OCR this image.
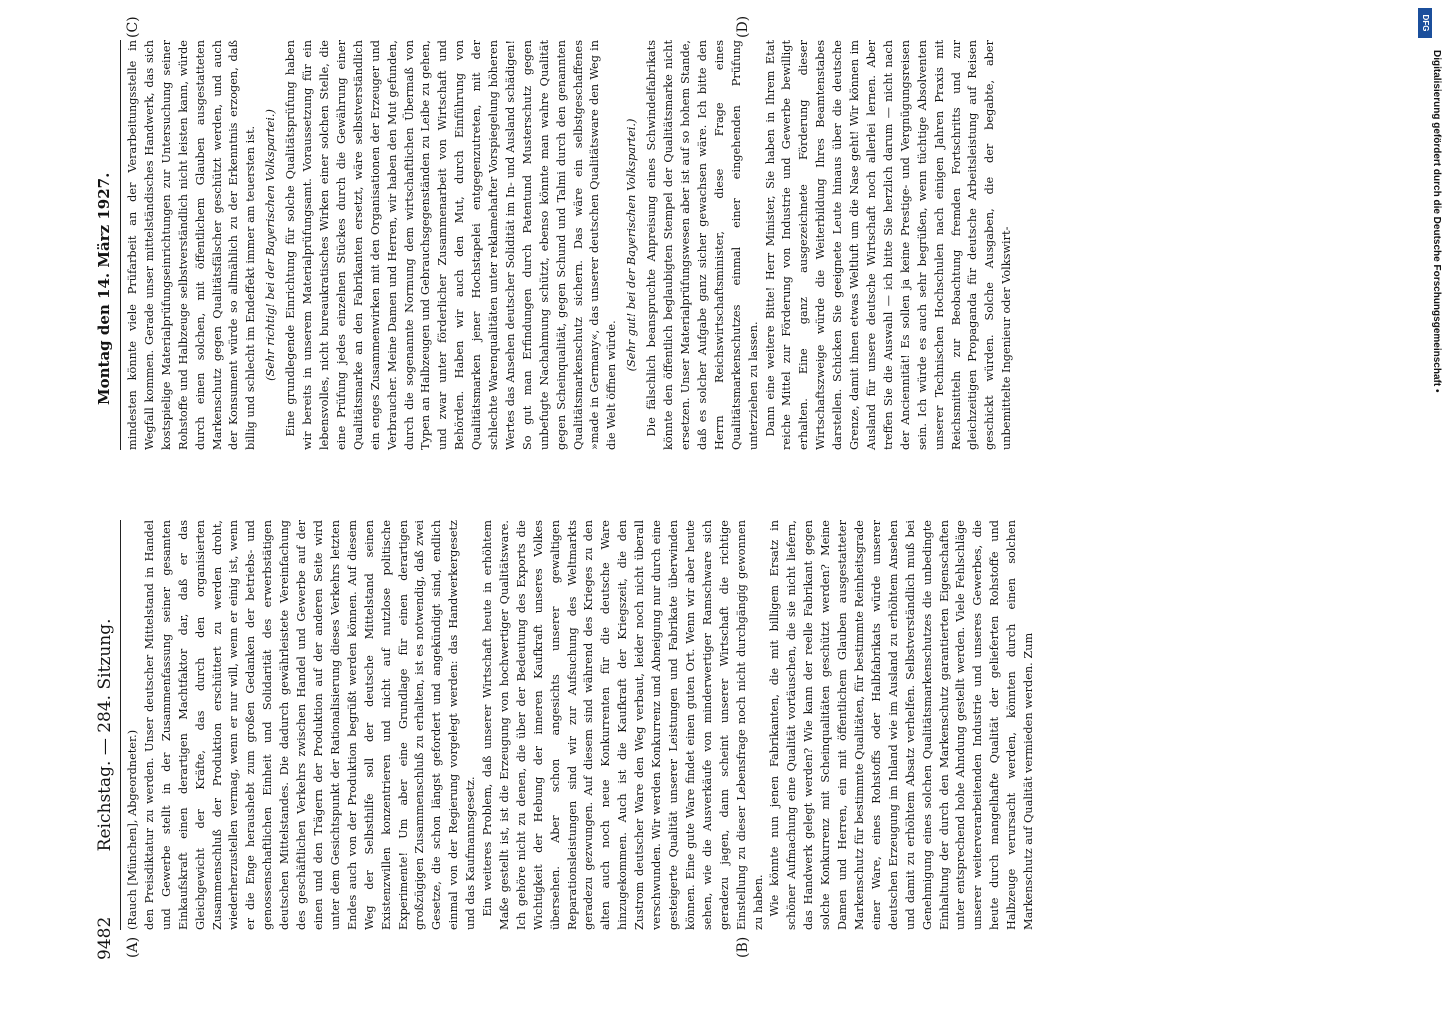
9482 Reichstag. — 284. Sitzung.
Montag den 14. März 1927.
(A)	(B)
(C)	(D)

(Rauch [München], Abgeordneter.) den Preisdiktatur zu werden. Unser deutscher Mittelstand in Handel und Gewerbe stellt in der Zusammenfassung seiner gesamten Einkaufskraft einen derartigen Machtfaktor dar, daß er das Gleichgewicht der Kräfte, das durch den organisierten Zusammenschluß der Produktion erschüttert zu werden droht, wiederherzustellen vermag, wenn er nur will, wenn er einig ist, wenn er die Enge heraushebt zum großen Gedanken der betriebs- und genossenschaftlichen Einheit und Solidarität des erwerbstätigen deutschen Mittelstandes. Die dadurch gewährleistete Vereinfachung des geschäftlichen Verkehrs zwischen Handel und Gewerbe auf der einen und den Trägern der Produktion auf der anderen Seite wird unter dem Gesichtspunkt der Rationalisierung dieses Verkehrs letzten Endes auch von der Produktion begrüßt werden können. Auf diesem Weg der Selbsthilfe soll der deutsche Mittelstand seinen Existenzwillen konzentrieren und nicht auf nutzlose politische Experimente! Um aber eine Grundlage für einen derartigen großzügigen Zusammenschluß zu erhalten, ist es notwendig, daß zwei Gesetze, die schon längst gefordert und angekündigt sind, endlich einmal von der Regierung vorgelegt werden: das Handwerkergesetz und das Kaufmannsgesetz. Ein weiteres Problem, daß unserer Wirtschaft heute in erhöhtem Maße gestellt ist, ist die Erzeugung von hochwertiger Qualitätsware. Ich gehöre nicht zu denen, die über der Bedeutung des Exports die Wichtigkeit der Hebung der inneren Kaufkraft unseres Volkes übersehen. Aber schon angesichts unserer gewaltigen Reparationsleistungen sind wir zur Aufsuchung des Weltmarkts geradezu gezwungen. Auf diesem sind während des Krieges zu den alten auch noch neue Konkurrenten für die deutsche Ware hinzugekommen. Auch ist die Kaufkraft der Kriegszeit, die den Zustrom deutscher Ware den Weg verbaut, leider noch nicht überall verschwunden. Wir werden Konkurrenz und Abneigung nur durch eine gesteigerte Qualität unserer Leistungen und Fabrikate überwinden können. Eine gute Ware findet einen guten Ort. Wenn wir aber heute sehen, wie die Ausverkäufe von minderwertiger Ramschware sich geradezu jagen, dann scheint unserer Wirtschaft die richtige Einstellung zu dieser Lebensfrage noch nicht durchgängig gewonnen zu haben. Wie könnte nun jenen Fabrikanten, die mit billigem Ersatz in schöner Aufmachung eine Qualität vortäuschen, die sie nicht liefern, das Handwerk gelegt werden? Wie kann der reelle Fabrikant gegen solche Konkurrenz mit Scheinqualitäten geschützt werden? Meine Damen und Herren, ein mit öffentlichem Glauben ausgestatteter Markenschutz für bestimmte Qualitäten, für bestimmte Reinheitsgrade einer Ware, eines Rohstoffs oder Halbfabrikats würde unserer deutschen Erzeugung im Inland wie im Ausland zu erhöhtem Ansehen und damit zu erhöhtem Absatz verhelfen. Selbstverständlich muß bei Genehmigung eines solchen Qualitätsmarkenschutzes die unbedingte Einhaltung der durch den Markenschutz garantierten Eigenschaften unter entsprechend hohe Ahndung gestellt werden. Viele Fehlschläge unserer weiterverarbeitenden Industrie und unseres Gewerbes, die heute durch mangelhafte Qualität der gelieferten Rohstoffe und Halbzeuge verursacht werden, könnten durch einen solchen Markenschutz auf Qualität vermieden werden. Zum

mindesten könnte viele Prüfarbeit an der Verarbeitungsstelle in Wegfall kommen. Gerade unser mittelständisches Handwerk, das sich kostspielige Materialprüfungseinrichtungen zur Untersuchung seiner Rohstoffe und Halbzeuge selbstverständlich nicht leisten kann, würde durch einen solchen, mit öffentlichem Glauben ausgestatteten Markenschutz gegen Qualitätsfälscher geschützt werden, und auch der Konsument würde so allmählich zu der Erkenntnis erzogen, daß billig und schlecht im Endeffekt immer am teuersten ist. (Sehr richtig! bei der Bayerischen Volkspartei.) Eine grundlegende Einrichtung für solche Qualitätsprüfung haben wir bereits in unserem Materialprüfungsamt. Voraussetzung für ein lebensvolles, nicht bureaukratisches Wirken einer solchen Stelle, die eine Prüfung jedes einzelnen Stückes durch die Gewährung einer Qualitätsmarke an den Fabrikanten ersetzt, wäre selbstverständlich ein enges Zusammenwirken mit den Organisationen der Erzeuger und Verbraucher. Meine Damen und Herren, wir haben den Mut gefunden, durch die sogenannte Normung dem wirtschaftlichen Übermaß von Typen an Halbzeugen und Gebrauchsgegenständen zu Leibe zu gehen, und zwar unter förderlicher Zusammenarbeit von Wirtschaft und Behörden. Haben wir auch den Mut, durch Einführung von Qualitätsmarken jener Hochstapelei entgegenzutreten, mit der schlechte Warenqualitäten unter reklamehafter Vorspiegelung höheren Wertes das Ansehen deutscher Solidität im In- und Ausland schädigen! So gut man Erfindungen durch Patentund Musterschutz gegen unbefugte Nachahmung schützt, ebenso könnte man wahre Qualität gegen Scheinqualität, gegen Schund und Talmi durch den genannten Qualitätsmarkenschutz sichern. Das wäre ein selbstgeschaffenes »made in Germany«, das unserer deutschen Qualitätsware den Weg in die Welt öffnen würde.

(Sehr gut! bei der Bayerischen Volkspartei.) Die fälschlich beanspruchte Anpreisung eines Schwindelfabrikats könnte den öffentlich beglaubigten Stempel der Qualitätsmarke nicht ersetzen. Unser Materialprüfungswesen aber ist auf so hohem Stande, daß es solcher Aufgabe ganz sicher gewachsen wäre. Ich bitte den Herrn Reichswirtschaftsminister, diese Frage eines Qualitätsmarkenschutzes einmal einer eingehenden Prüfung unterziehen zu lassen. Dann eine weitere Bitte! Herr Minister, Sie haben in Ihrem Etat reiche Mittel zur Förderung von Industrie und Gewerbe bewilligt erhalten. Eine ganz ausgezeichnete Förderung dieser Wirtschaftszweige würde die Weiterbildung Ihres Beamtenstabes darstellen. Schicken Sie geeignete Leute hinaus über die deutsche Grenze, damit ihnen etwas Weltluft um die Nase geht! Wir können im Ausland für unsere deutsche Wirtschaft noch allerlei lernen. Aber treffen Sie die Auswahl — ich bitte Sie herzlich darum — nicht nach der Anciennität! Es sollen ja keine Prestige- und Vergnügungsreisen sein. Ich würde es auch sehr begrüßen, wenn tüchtige Absolventen unserer Technischen Hochschulen nach einigen Jahren Praxis mit Reichsmitteln zur Beobachtung fremden Fortschritts und zur gleichzeitigen Propaganda für deutsche Arbeitsleistung auf Reisen geschickt würden. Solche Ausgaben, die der begabte, aber unbemittelte Ingenieur oder Volkswirt-

DFG
Digitalisierung gefördert durch die Deutsche Forschungsgemeinschaft •
